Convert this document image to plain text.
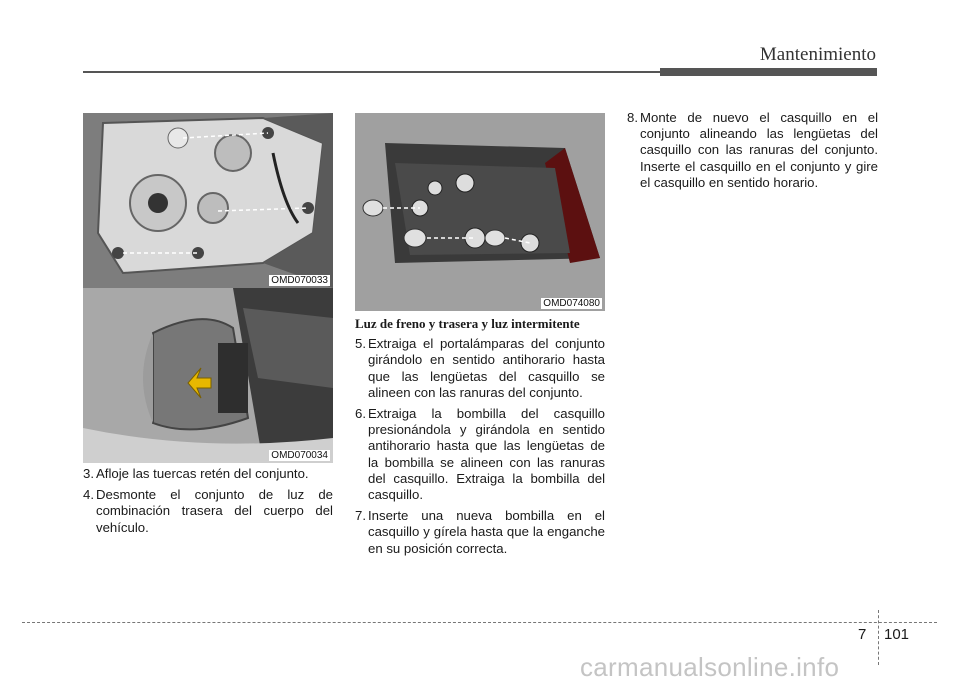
Mantenimiento
OMD070033
OMD070034
OMD074080
3. Afloje las tuercas retén del conjunto.
4. Desmonte el conjunto de luz de combinación trasera del cuerpo del vehículo.
Luz de freno y trasera y luz intermitente
5. Extraiga el portalámparas del conjunto girándolo en sentido antihorario hasta que las lengüetas del casquillo se alineen con las ranuras del conjunto.
6. Extraiga la bombilla del casquillo presionándola y girándola en sentido antihorario hasta que las lengüetas de la bombilla se alineen con las ranuras del casquillo. Extraiga la bombilla del casquillo.
7. Inserte una nueva bombilla en el casquillo y gírela hasta que la enganche en su posición correcta.
8. Monte de nuevo el casquillo en el conjunto alineando las lengüetas del casquillo con las ranuras del conjunto. Inserte el casquillo en el conjunto y gire el casquillo en sentido horario.
7 101
carmanualsonline.info
